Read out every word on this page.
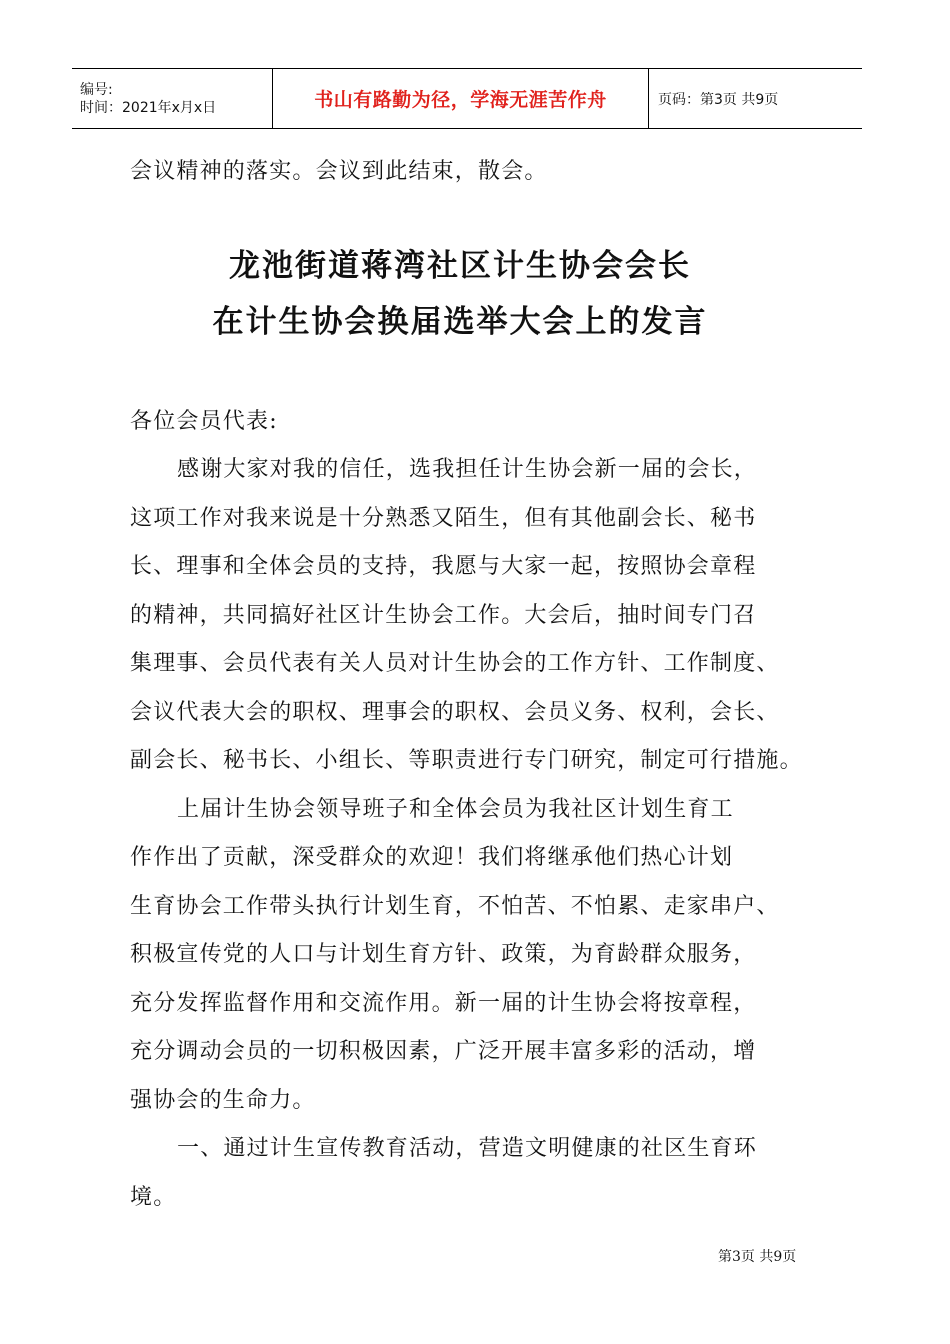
编号:
时间：2021年x月x日	书山有路勤为径，学海无涯苦作舟	页码：第3页 共9页
会议精神的落实。会议到此结束，散会。
龙池街道蒋湾社区计生协会会长
在计生协会换届选举大会上的发言
各位会员代表:
感谢大家对我的信任，选我担任计生协会新一届的会长，
这项工作对我来说是十分熟悉又陌生，但有其他副会长、秘书
长、理事和全体会员的支持，我愿与大家一起，按照协会章程
的精神，共同搞好社区计生协会工作。大会后，抽时间专门召
集理事、会员代表有关人员对计生协会的工作方针、工作制度、
会议代表大会的职权、理事会的职权、会员义务、权利，会长、
副会长、秘书长、小组长、等职责进行专门研究，制定可行措施。
上届计生协会领导班子和全体会员为我社区计划生育工
作作出了贡献，深受群众的欢迎！我们将继承他们热心计划
生育协会工作带头执行计划生育，不怕苦、不怕累、走家串户、
积极宣传党的人口与计划生育方针、政策，为育龄群众服务，
充分发挥监督作用和交流作用。新一届的计生协会将按章程，
充分调动会员的一切积极因素，广泛开展丰富多彩的活动，增
强协会的生命力。
一、通过计生宣传教育活动，营造文明健康的社区生育环
境。
第3页 共9页
